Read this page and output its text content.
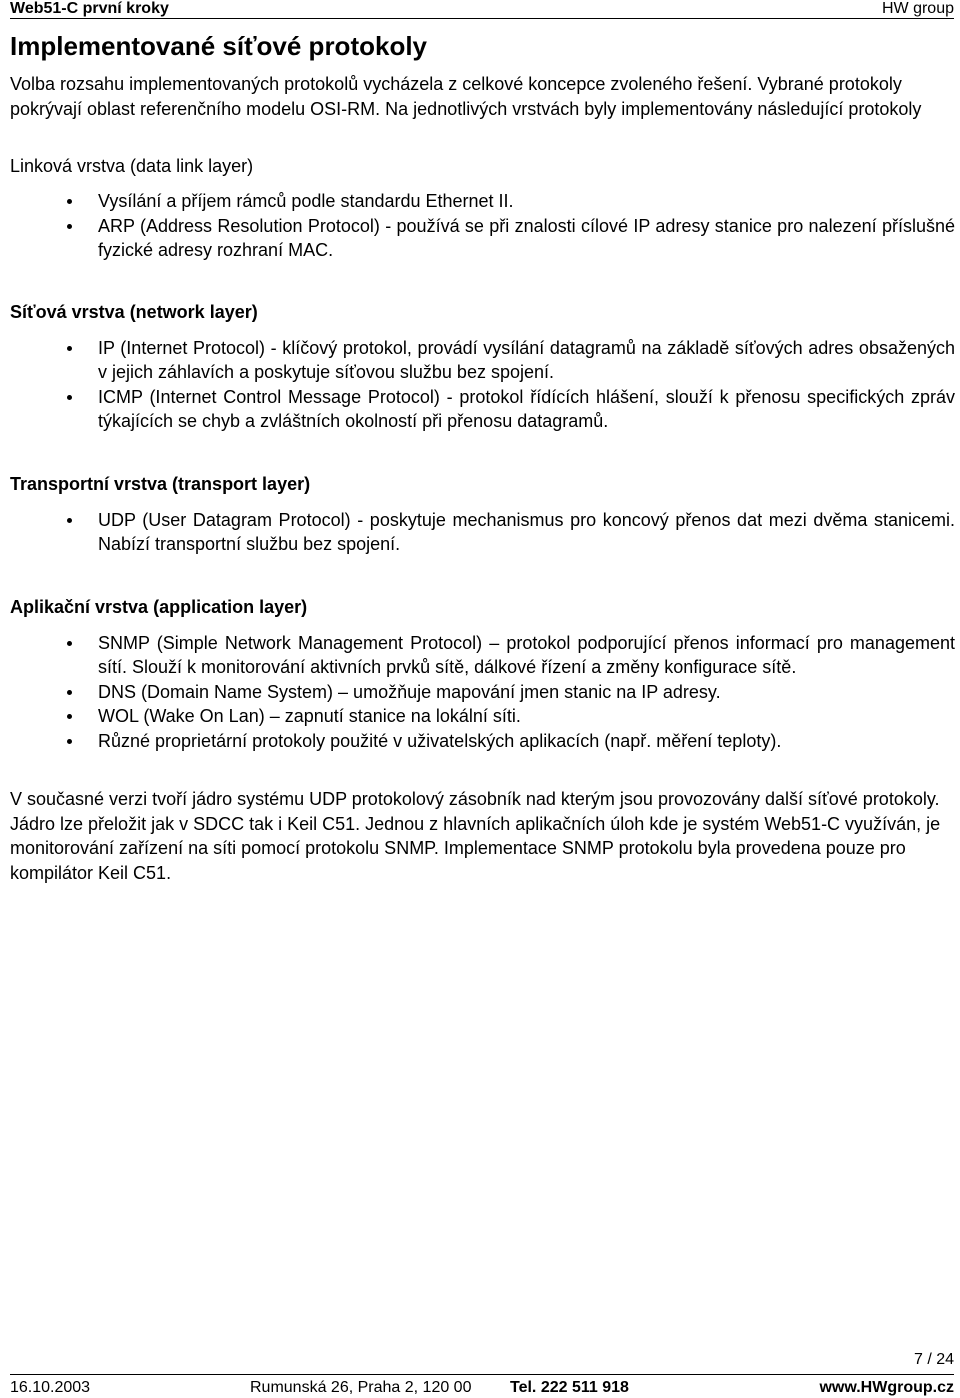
Web51-C první kroky	HW group
Implementované síťové protokoly

Volba rozsahu implementovaných protokolů vycházela z celkové koncepce zvoleného řešení. Vybrané protokoly pokrývají oblast referenčního modelu OSI-RM. Na jednotlivých vrstvách byly implementovány následující protokoly

Linková vrstva (data link layer)
Vysílání a příjem rámců podle standardu Ethernet II.
ARP (Address Resolution Protocol) - používá se při znalosti cílové IP adresy stanice pro nalezení příslušné fyzické adresy rozhraní MAC.
Síťová vrstva (network layer)
IP (Internet Protocol) - klíčový protokol, provádí vysílání datagramů na základě síťových adres obsažených v jejich záhlavích a poskytuje síťovou službu bez spojení.
ICMP (Internet Control Message Protocol) - protokol řídících hlášení, slouží k přenosu specifických zpráv týkajících se chyb a zvláštních okolností při přenosu datagramů.
Transportní vrstva (transport layer)
UDP (User Datagram Protocol) - poskytuje mechanismus pro koncový přenos dat mezi dvěma stanicemi. Nabízí transportní službu bez spojení.
Aplikační vrstva (application layer)
SNMP (Simple Network Management Protocol) – protokol podporující přenos informací pro management sítí. Slouží k monitorování aktivních prvků sítě, dálkové řízení a změny konfigurace sítě.
DNS (Domain Name System) – umožňuje mapování jmen stanic na IP adresy.
WOL (Wake On Lan) – zapnutí stanice na lokální síti.
Různé proprietární protokoly použité v uživatelských aplikacích (např. měření teploty).

V současné verzi tvoří jádro systému UDP protokolový zásobník nad kterým jsou provozovány další síťové protokoly. Jádro lze přeložit jak v SDCC tak i Keil C51. Jednou z hlavních aplikačních úloh kde je systém Web51-C využíván, je monitorování zařízení na síti pomocí protokolu SNMP. Implementace SNMP protokolu byla provedena pouze pro kompilátor Keil C51.

7 / 24
16.10.2003	Rumunská 26, Praha 2, 120 00 Tel. 222 511 918	www.HWgroup.cz
